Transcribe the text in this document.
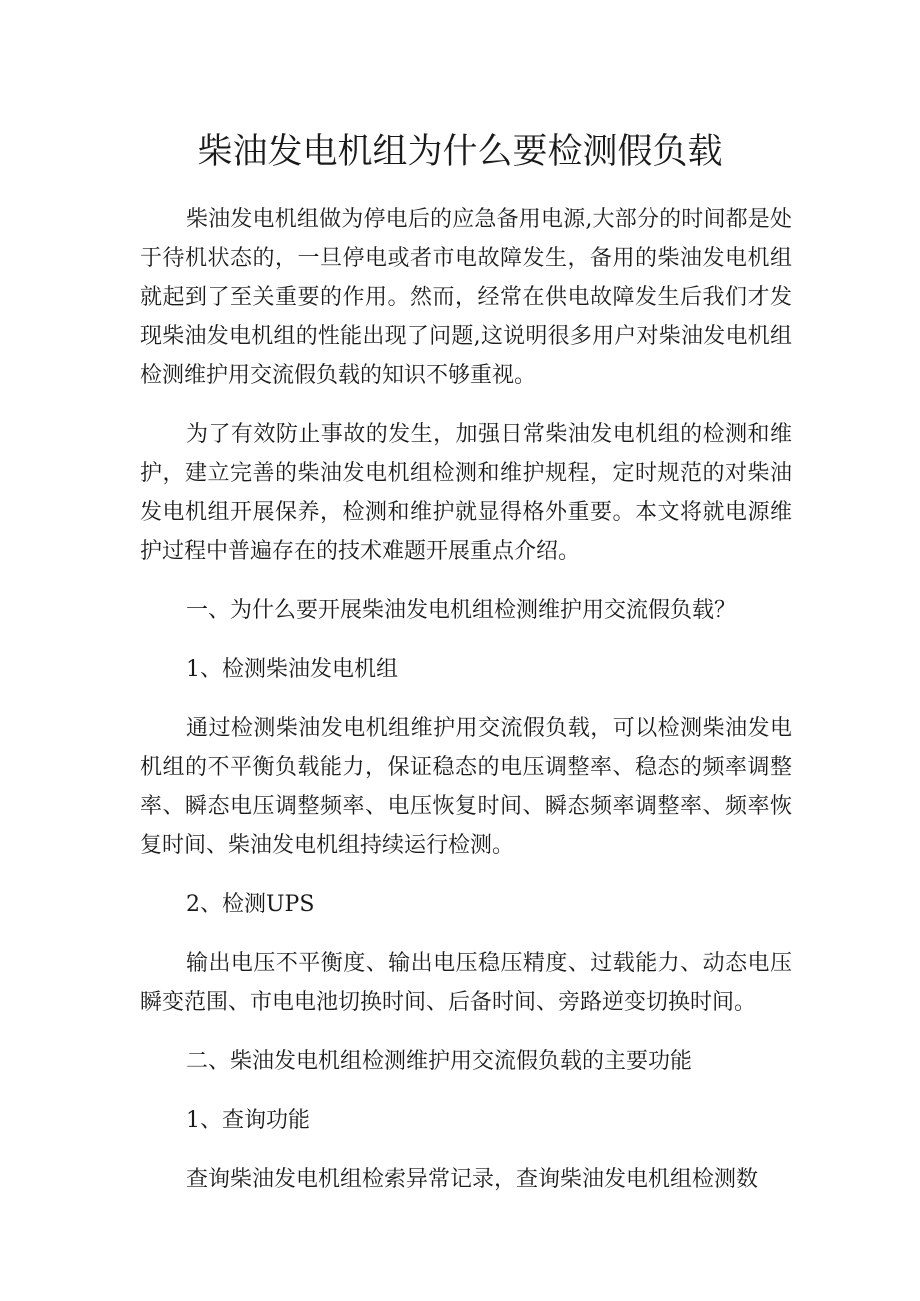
柴油发电机组为什么要检测假负载

柴油发电机组做为停电后的应急备用电源,大部分的时间都是处于待机状态的，一旦停电或者市电故障发生，备用的柴油发电机组就起到了至关重要的作用。然而，经常在供电故障发生后我们才发现柴油发电机组的性能出现了问题,这说明很多用户对柴油发电机组检测维护用交流假负载的知识不够重视。

为了有效防止事故的发生，加强日常柴油发电机组的检测和维护，建立完善的柴油发电机组检测和维护规程，定时规范的对柴油发电机组开展保养，检测和维护就显得格外重要。本文将就电源维护过程中普遍存在的技术难题开展重点介绍。

一、为什么要开展柴油发电机组检测维护用交流假负载？

1、检测柴油发电机组

通过检测柴油发电机组维护用交流假负载，可以检测柴油发电机组的不平衡负载能力，保证稳态的电压调整率、稳态的频率调整率、瞬态电压调整频率、电压恢复时间、瞬态频率调整率、频率恢复时间、柴油发电机组持续运行检测。

2、检测UPS

输出电压不平衡度、输出电压稳压精度、过载能力、动态电压瞬变范围、市电电池切换时间、后备时间、旁路逆变切换时间。

二、柴油发电机组检测维护用交流假负载的主要功能

1、查询功能

查询柴油发电机组检索异常记录，查询柴油发电机组检测数
